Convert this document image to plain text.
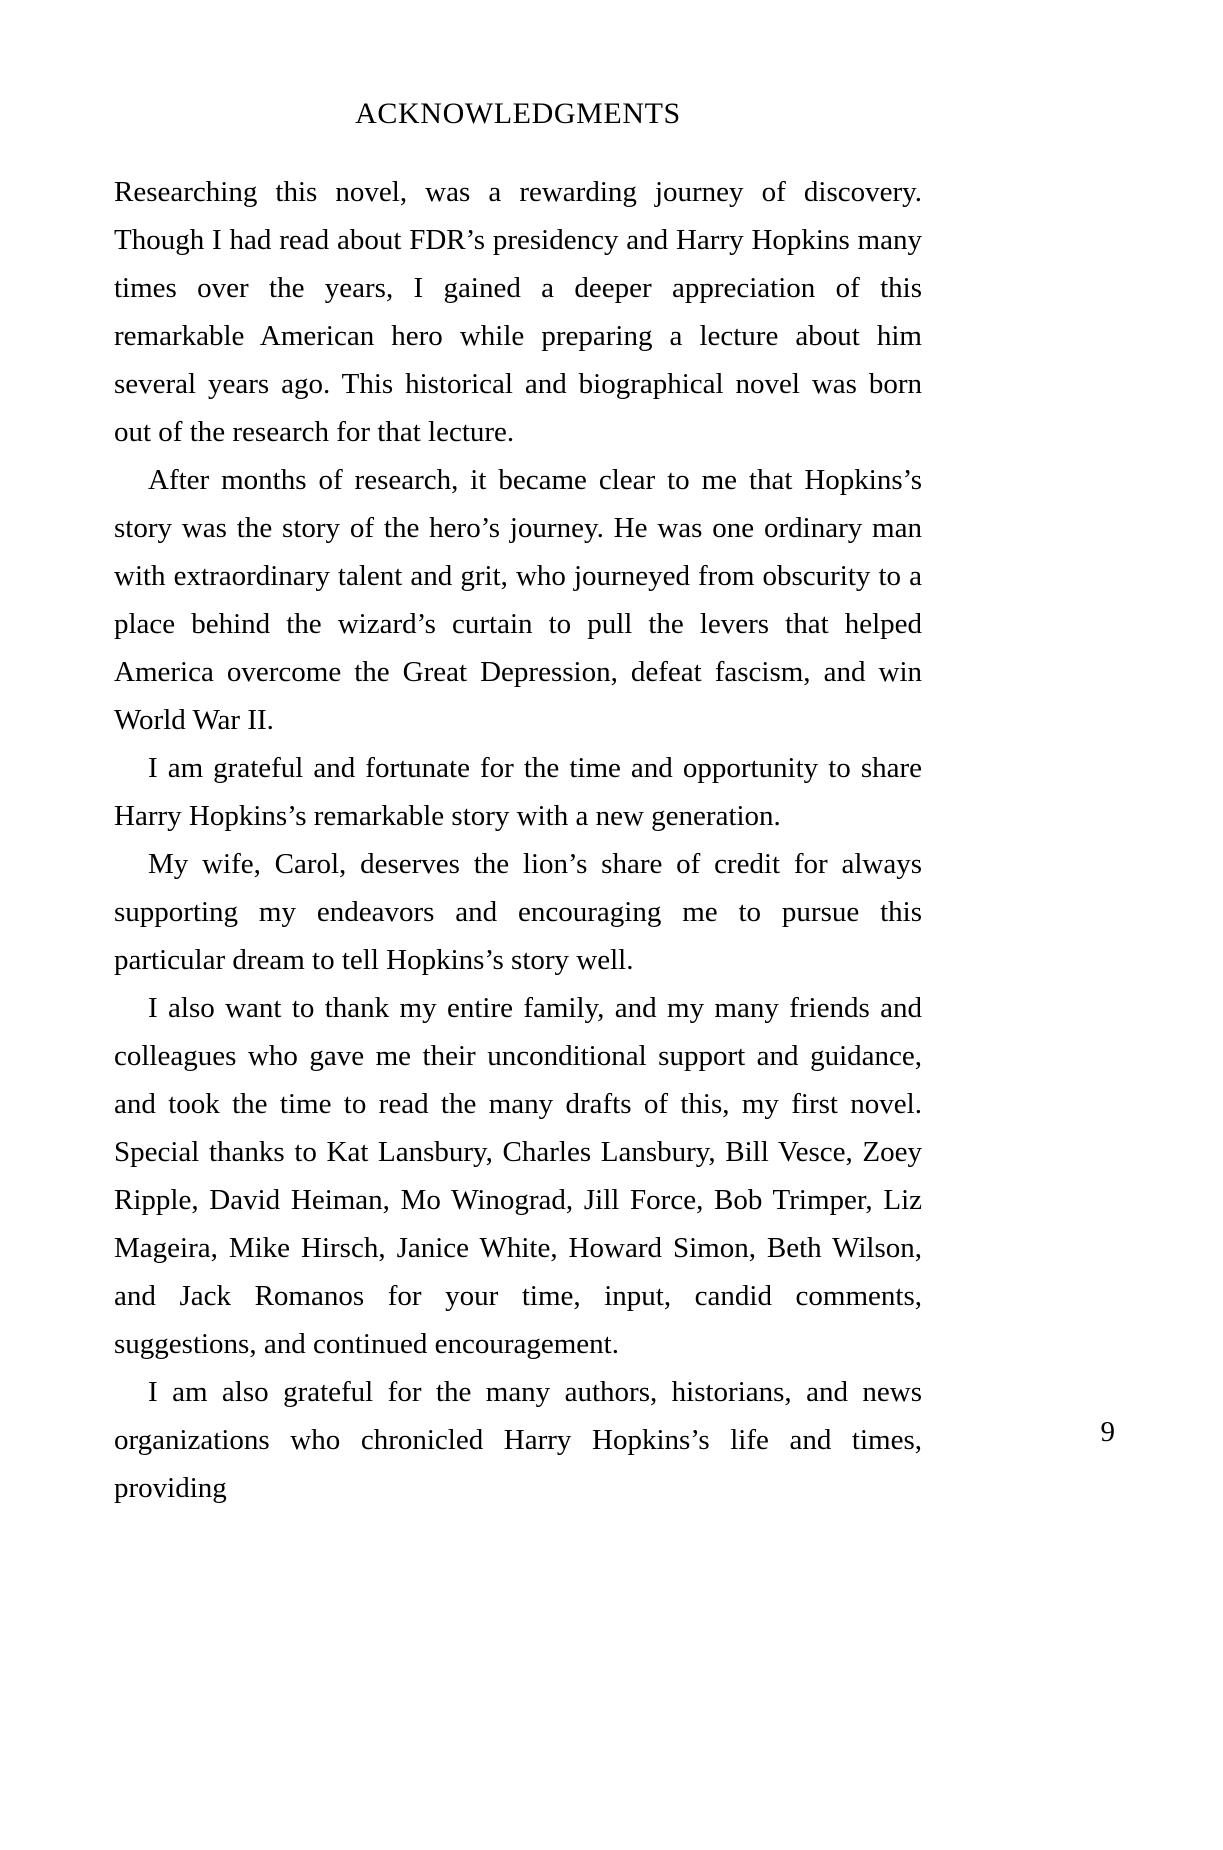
ACKNOWLEDGMENTS

Researching this novel, was a rewarding journey of discovery. Though I had read about FDR’s presidency and Harry Hopkins many times over the years, I gained a deeper appreciation of this remarkable American hero while preparing a lecture about him several years ago. This historical and biographical novel was born out of the research for that lecture.

After months of research, it became clear to me that Hopkins’s story was the story of the hero’s journey. He was one ordinary man with extraordinary talent and grit, who journeyed from obscurity to a place behind the wizard’s curtain to pull the levers that helped America overcome the Great Depression, defeat fascism, and win World War II.

I am grateful and fortunate for the time and opportunity to share Harry Hopkins’s remarkable story with a new generation.

My wife, Carol, deserves the lion’s share of credit for always supporting my endeavors and encouraging me to pursue this particular dream to tell Hopkins’s story well.

I also want to thank my entire family, and my many friends and colleagues who gave me their unconditional support and guidance, and took the time to read the many drafts of this, my first novel. Special thanks to Kat Lansbury, Charles Lansbury, Bill Vesce, Zoey Ripple, David Heiman, Mo Winograd, Jill Force, Bob Trimper, Liz Mageira, Mike Hirsch, Janice White, Howard Simon, Beth Wilson, and Jack Romanos for your time, input, candid comments, suggestions, and continued encouragement.

I am also grateful for the many authors, historians, and news organizations who chronicled Harry Hopkins’s life and times, providing

9
